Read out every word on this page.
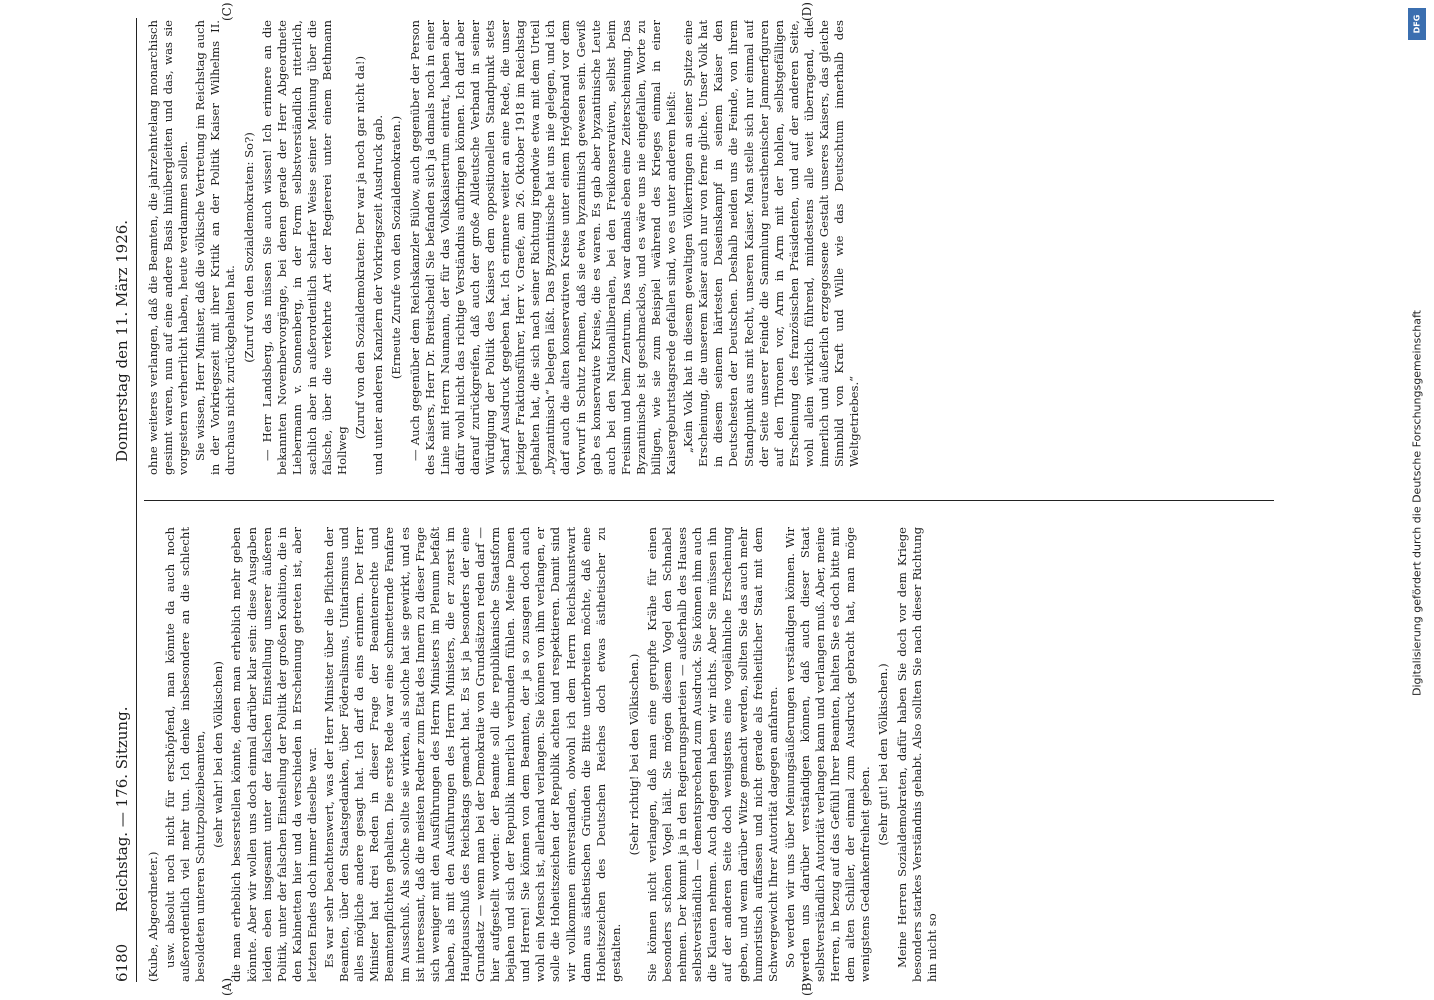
6180
Reichstag. — 176. Sitzung.
Donnerstag den 11. März 1926.
(A)	(B)
(C)	(D)

(Kube, Abgeordneter.) usw. absolut noch nicht für erschöpfend, man könnte da auch noch außerordentlich viel mehr tun. Ich denke insbesondere an die schlecht besoldeten unteren Schutzpolizeibeamten, (sehr wahr! bei den Völkischen) die man erheblich besserstellen könnte, denen man erheblich mehr geben könnte. Aber wir wollen uns doch einmal darüber klar sein: diese Ausgaben leiden eben insgesamt unter der falschen Einstellung unserer äußeren Politik, unter der falschen Einstellung der Politik der großen Koalition, die in den Kabinetten hier und da verschieden in Erscheinung getreten ist, aber letzten Endes doch immer dieselbe war. Es war sehr beachtenswert, was der Herr Minister über die Pflichten der Beamten, über den Staatsgedanken, über Föderalismus, Unitarismus und alles mögliche andere gesagt hat. Ich darf da eins erinnern. Der Herr Minister hat drei Reden in dieser Frage der Beamtenrechte und Beamtenpflichten gehalten. Die erste Rede war eine schmetternde Fanfare im Ausschuß. Als solche sollte sie wirken, als solche hat sie gewirkt, und es ist interessant, daß die meisten Redner zum Etat des Innern zu dieser Frage sich weniger mit den Ausführungen des Herrn Ministers im Plenum befaßt haben, als mit den Ausführungen des Herrn Ministers, die er zuerst im Hauptausschuß des Reichstags gemacht hat. Es ist ja besonders der eine Grundsatz — wenn man bei der Demokratie von Grundsätzen reden darf — hier aufgestellt worden: der Beamte soll die republikanische Staatsform bejahen und sich der Republik innerlich verbunden fühlen. Meine Damen und Herren! Sie können von dem Beamten, der ja so zusagen doch auch wohl ein Mensch ist, allerhand verlangen. Sie können von ihm verlangen, er solle die Hoheitszeichen der Republik achten und respektieren. Damit sind wir vollkommen einverstanden, obwohl ich dem Herrn Reichskunstwart dann aus ästhetischen Gründen die Bitte unterbreiten möchte, daß eine Hoheitszeichen des Deutschen Reiches doch etwas ästhetischer zu gestalten.

(Sehr richtig! bei den Völkischen.) Sie können nicht verlangen, daß man eine gerupfte Krähe für einen besonders schönen Vogel hält. Sie mögen diesem Vogel den Schnabel nehmen. Der kommt ja in den Regierungsparteien — außerhalb des Hauses selbstverständlich — dementsprechend zum Ausdruck. Sie können ihm auch die Klauen nehmen. Auch dagegen haben wir nichts. Aber Sie müssen ihn auf der anderen Seite doch wenigstens eine vogelähnliche Erscheinung geben, und wenn darüber Witze gemacht werden, sollten Sie das auch mehr humoristisch auffassen und nicht gerade als freiheitlicher Staat mit dem Schwergewicht Ihrer Autorität dagegen anfahren. So werden wir uns über Meinungsäußerungen verständigen können. Wir werden uns darüber verständigen können, daß auch dieser Staat selbstverständlich Autorität verlangen kann und verlangen muß. Aber, meine Herren, in bezug auf das Gefühl Ihrer Beamten, halten Sie es doch bitte mit dem alten Schiller, der einmal zum Ausdruck gebracht hat, man möge wenigstens Gedankenfreiheit geben.

(Sehr gut! bei den Völkischen.) Meine Herren Sozialdemokraten, dafür haben Sie doch vor dem Kriege besonders starkes Verständnis gehabt. Also sollten Sie nach dieser Richtung hin nicht so

ohne weiteres verlangen, daß die Beamten, die jahrzehntelang monarchisch gesinnt waren, nun auf eine andere Basis hinübergleiten und das, was sie vorgestern verherrlicht haben, heute verdammen sollen. Sie wissen, Herr Minister, daß die völkische Vertretung im Reichstag auch in der Vorkriegszeit mit ihrer Kritik an der Politik Kaiser Wilhelms II. durchaus nicht zurückgehalten hat.

(Zuruf von den Sozialdemokraten: So?) — Herr Landsberg, das müssen Sie auch wissen! Ich erinnere an die bekannten Novembervorgänge, bei denen gerade der Herr Abgeordnete Liebermann v. Sonnenberg, in der Form selbstverständlich ritterlich, sachlich aber in außerordentlich scharfer Weise seiner Meinung über die falsche, über die verkehrte Art der Regiererei unter einem Bethmann Hollweg

(Zuruf von den Sozialdemokraten: Der war ja noch gar nicht da!) und unter anderen Kanzlern der Vorkriegszeit Ausdruck gab. (Erneute Zurufe von den Sozialdemokraten.) — Auch gegenüber dem Reichskanzler Bülow, auch gegenüber der Person des Kaisers, Herr Dr. Breitscheid! Sie befanden sich ja damals noch in einer Linie mit Herrn Naumann, der für das Volkskaisertum eintrat, haben aber dafür wohl nicht das richtige Verständnis aufbringen können. Ich darf aber darauf zurückgreifen, daß auch der große Alldeutsche Verband in seiner Würdigung der Politik des Kaisers dem oppositionellen Standpunkt stets scharf Ausdruck gegeben hat. Ich erinnere weiter an eine Rede, die unser jetziger Fraktionsführer, Herr v. Graefe, am 26. Oktober 1918 im Reichstag gehalten hat, die sich nach seiner Richtung irgendwie etwa mit dem Urteil „byzantinisch“ belegen läßt. Das Byzantinische hat uns nie gelegen, und ich darf auch die alten konservativen Kreise unter einem Heydebrand vor dem Vorwurf in Schutz nehmen, daß sie etwa byzantinisch gewesen sein. Gewiß gab es konservative Kreise, die es waren. Es gab aber byzantinische Leute auch bei den Nationalliberalen, bei den Freikonservativen, selbst beim Freisinn und beim Zentrum. Das war damals eben eine Zeiterscheinung. Das Byzantinische ist geschmacklos, und es wäre uns nie eingefallen, Worte zu billigen, wie sie zum Beispiel während des Krieges einmal in einer Kaisergeburtstagsrede gefallen sind, wo es unter anderem heißt: „Kein Volk hat in diesem gewaltigen Völkerringen an seiner Spitze eine Erscheinung, die unserem Kaiser auch nur von ferne gliche. Unser Volk hat in diesem seinem härtesten Daseinskampf in seinem Kaiser den Deutschesten der Deutschen. Deshalb neiden uns die Feinde, von ihrem Standpunkt aus mit Recht, unseren Kaiser. Man stelle sich nur einmal auf der Seite unserer Feinde die Sammlung neurasthenischer Jammerfiguren auf den Thronen vor, Arm in Arm mit der hohlen, selbstgefälligen Erscheinung des französischen Präsidenten, und auf der anderen Seite, wohl allein wirklich führend, mindestens alle weit überragend, die innerlich und äußerlich erzgegossene Gestalt unseres Kaisers, das gleiche Sinnbild von Kraft und Wille wie das Deutschtum innerhalb des Weltgetriebes.“

DFG
Digitalisierung gefördert durch die Deutsche Forschungsgemeinschaft
